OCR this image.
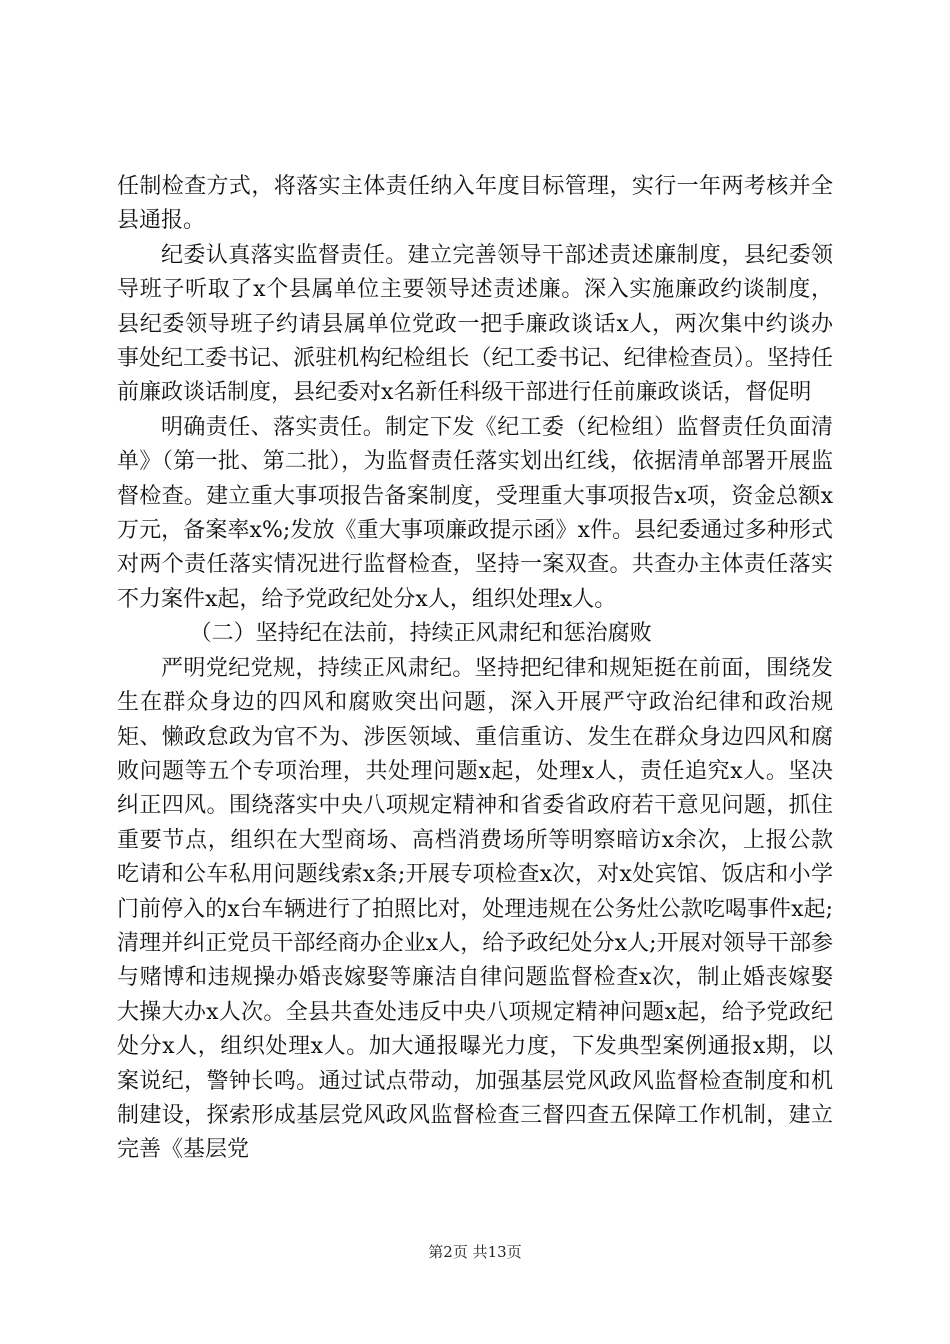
任制检查方式，将落实主体责任纳入年度目标管理，实行一年两考核并全县通报。

纪委认真落实监督责任。建立完善领导干部述责述廉制度，县纪委领导班子听取了x个县属单位主要领导述责述廉。深入实施廉政约谈制度，县纪委领导班子约请县属单位党政一把手廉政谈话x人，两次集中约谈办事处纪工委书记、派驻机构纪检组长（纪工委书记、纪律检查员）。坚持任前廉政谈话制度，县纪委对x名新任科级干部进行任前廉政谈话，督促明

明确责任、落实责任。制定下发《纪工委（纪检组）监督责任负面清单》（第一批、第二批），为监督责任落实划出红线，依据清单部署开展监督检查。建立重大事项报告备案制度，受理重大事项报告x项，资金总额x万元，备案率x%;发放《重大事项廉政提示函》x件。县纪委通过多种形式对两个责任落实情况进行监督检查，坚持一案双查。共查办主体责任落实不力案件x起，给予党政纪处分x人，组织处理x人。

（二）坚持纪在法前，持续正风肃纪和惩治腐败

严明党纪党规，持续正风肃纪。坚持把纪律和规矩挺在前面，围绕发生在群众身边的四风和腐败突出问题，深入开展严守政治纪律和政治规矩、懒政怠政为官不为、涉医领域、重信重访、发生在群众身边四风和腐败问题等五个专项治理，共处理问题x起，处理x人，责任追究x人。坚决纠正四风。围绕落实中央八项规定精神和省委省政府若干意见问题，抓住重要节点，组织在大型商场、高档消费场所等明察暗访x余次，上报公款吃请和公车私用问题线索x条;开展专项检查x次，对x处宾馆、饭店和小学门前停入的x台车辆进行了拍照比对，处理违规在公务灶公款吃喝事件x起;清理并纠正党员干部经商办企业x人，给予政纪处分x人;开展对领导干部参与赌博和违规操办婚丧嫁娶等廉洁自律问题监督检查x次，制止婚丧嫁娶大操大办x人次。全县共查处违反中央八项规定精神问题x起，给予党政纪处分x人，组织处理x人。加大通报曝光力度，下发典型案例通报x期，以案说纪，警钟长鸣。通过试点带动，加强基层党风政风监督检查制度和机制建设，探索形成基层党风政风监督检查三督四查五保障工作机制，建立完善《基层党

第2页 共13页
